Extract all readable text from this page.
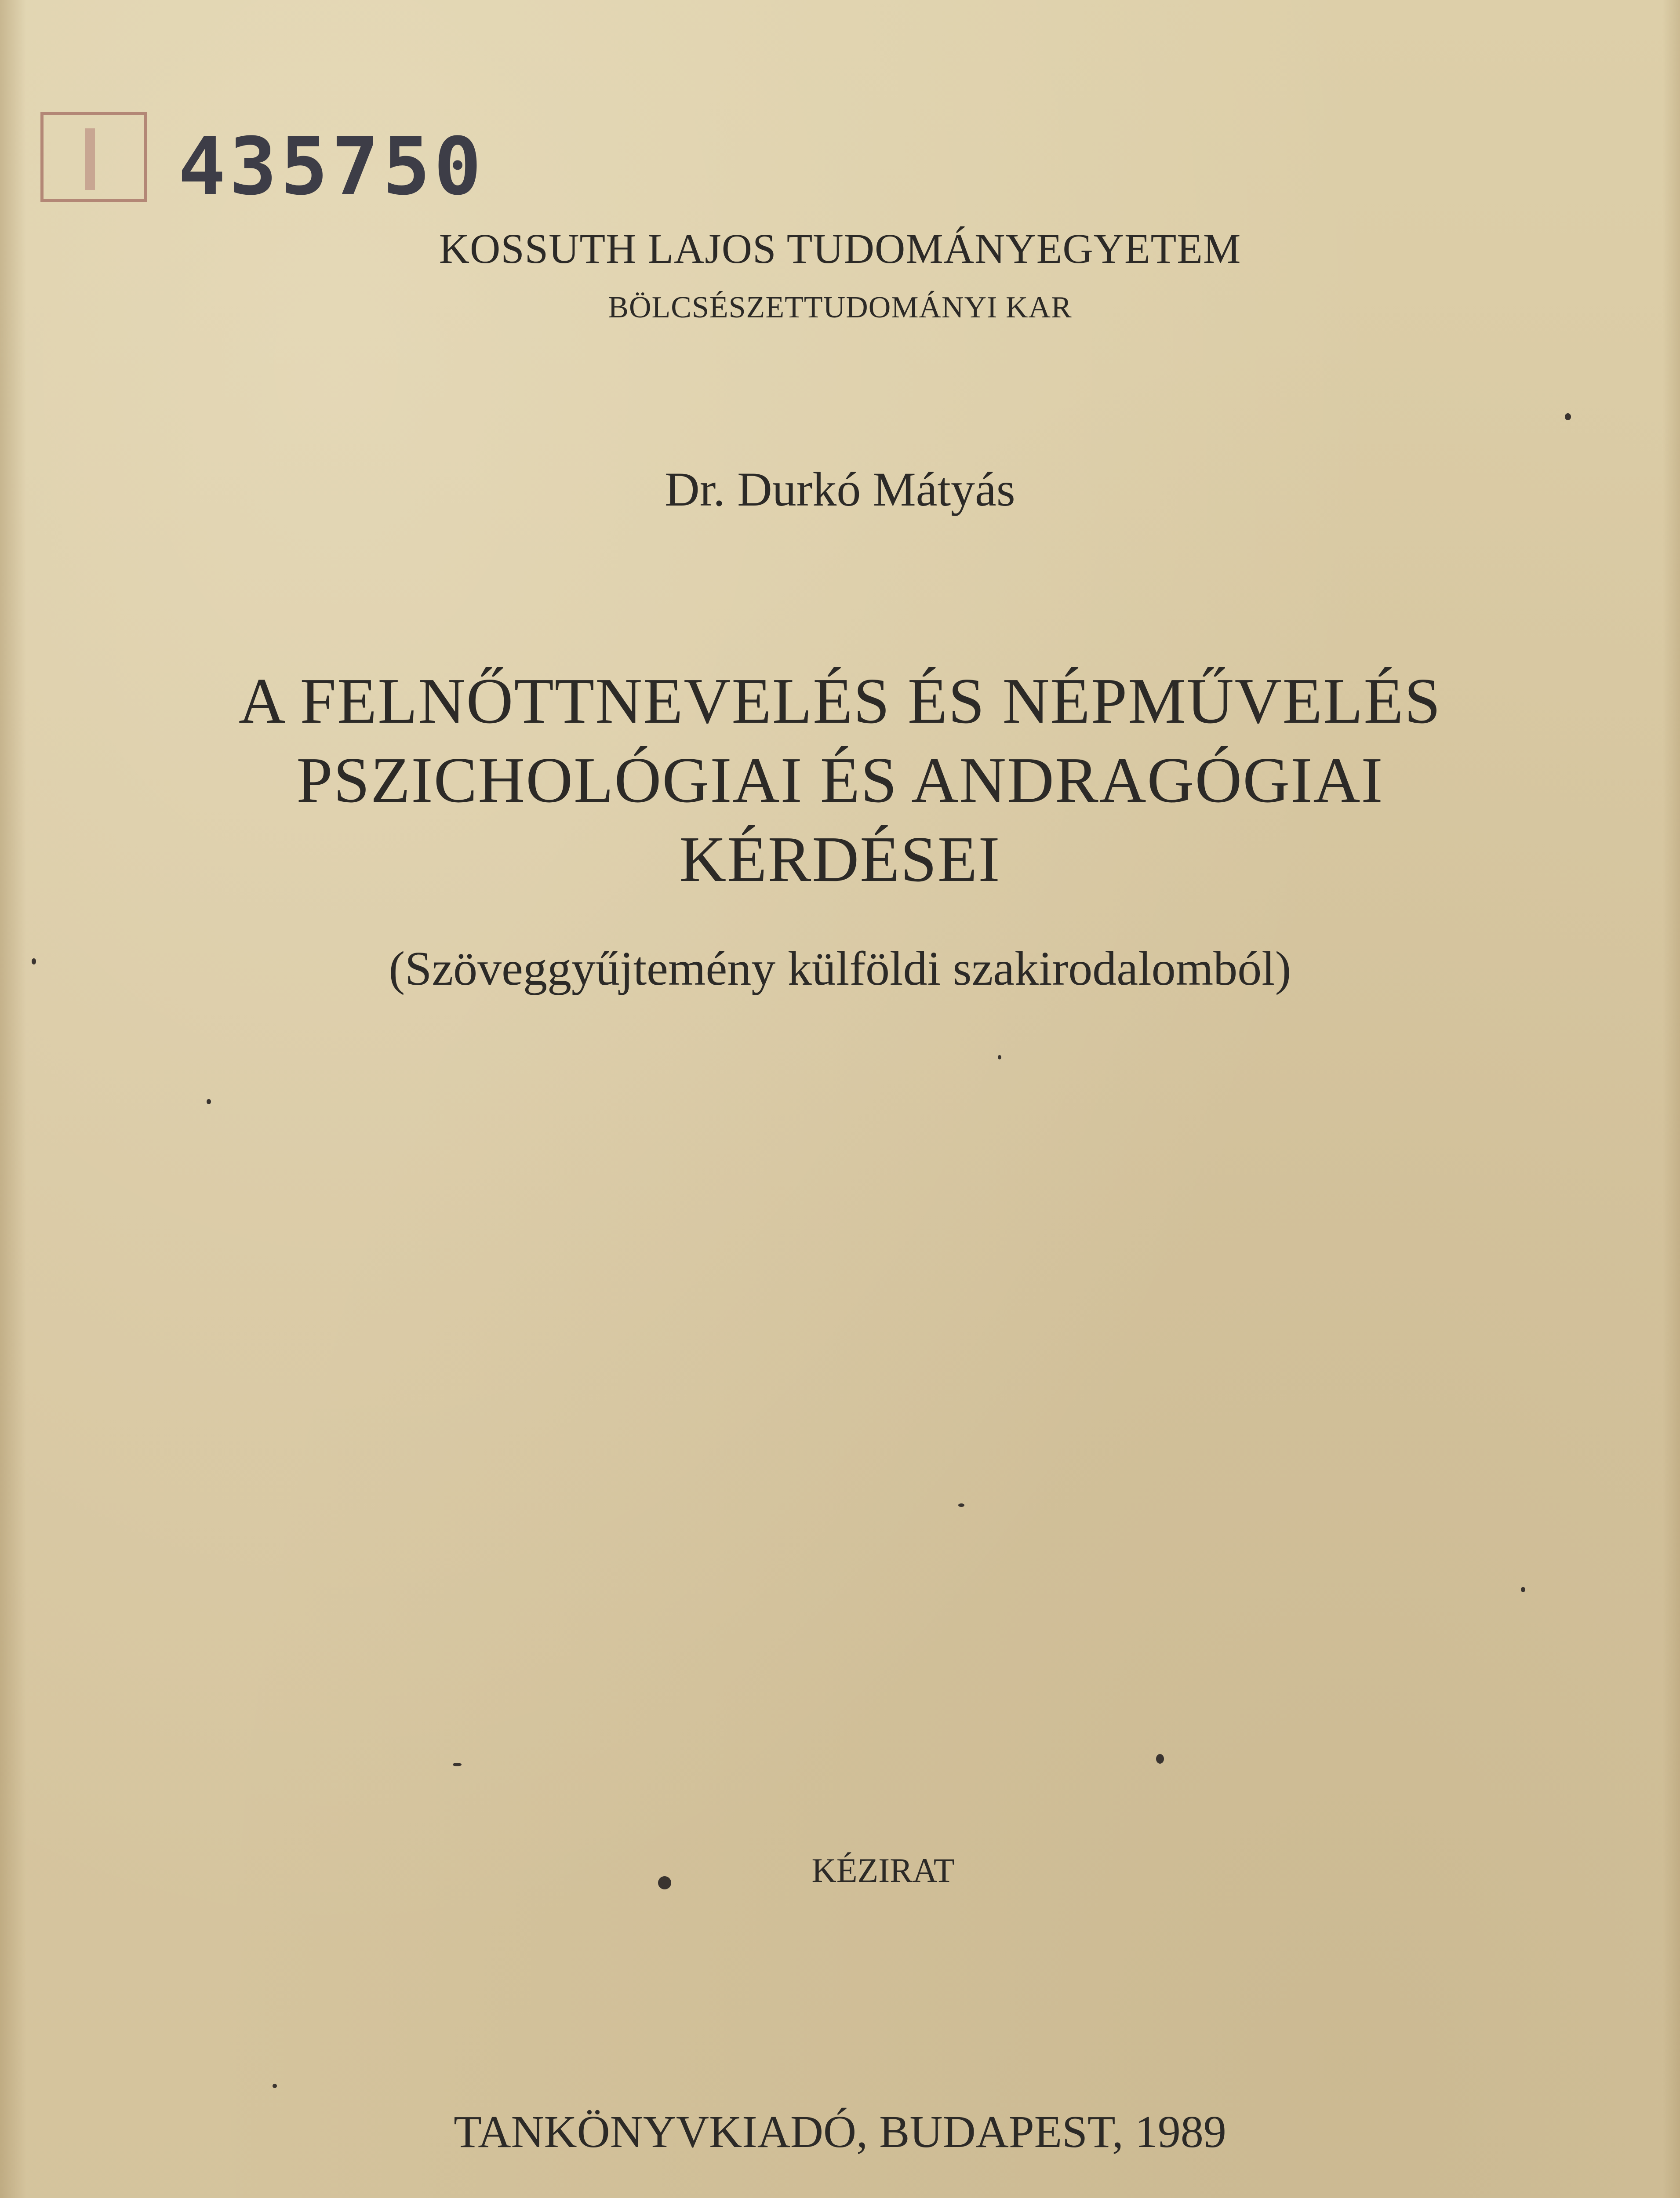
435750
KOSSUTH LAJOS TUDOMÁNYEGYETEM
BÖLCSÉSZETTUDOMÁNYI KAR
Dr. Durkó Mátyás
A FELNŐTTNEVELÉS ÉS NÉPMŰVELÉS
PSZICHOLÓGIAI ÉS ANDRAGÓGIAI
KÉRDÉSEI
(Szöveggyűjtemény külföldi szakirodalomból)
KÉZIRAT
TANKÖNYVKIADÓ, BUDAPEST, 1989
